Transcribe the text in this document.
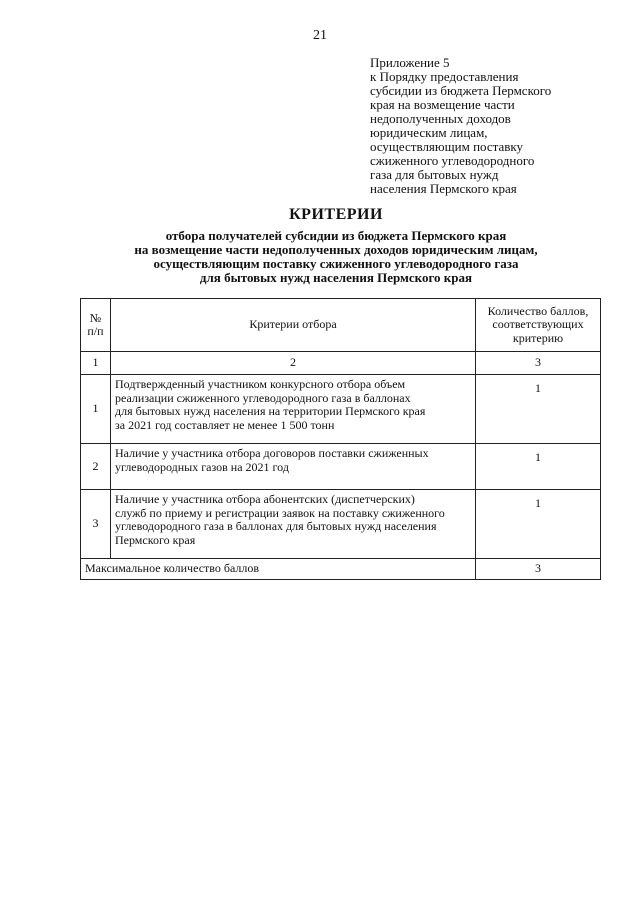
21
Приложение 5
к Порядку предоставления
субсидии из бюджета Пермского
края на возмещение части
недополученных доходов
юридическим лицам,
осуществляющим поставку
сжиженного углеводородного
газа для бытовых нужд
населения Пермского края
КРИТЕРИИ
отбора получателей субсидии из бюджета Пермского края
на возмещение части недополученных доходов юридическим лицам,
осуществляющим поставку сжиженного углеводородного газа
для бытовых нужд населения Пермского края
№
п/п	Критерии отбора	Количество баллов,
соответствующих
критерию
1	2	3
1	Подтвержденный участником конкурсного отбора объем
реализации сжиженного углеводородного газа в баллонах
для бытовых нужд населения на территории Пермского края
за 2021 год составляет не менее 1 500 тонн	1
2	Наличие у участника отбора договоров поставки сжиженных
углеводородных газов на 2021 год	1
3	Наличие у участника отбора абонентских (диспетчерских)
служб по приему и регистрации заявок на поставку сжиженного
углеводородного газа в баллонах для бытовых нужд населения
Пермского края	1
Максимальное количество баллов		3
